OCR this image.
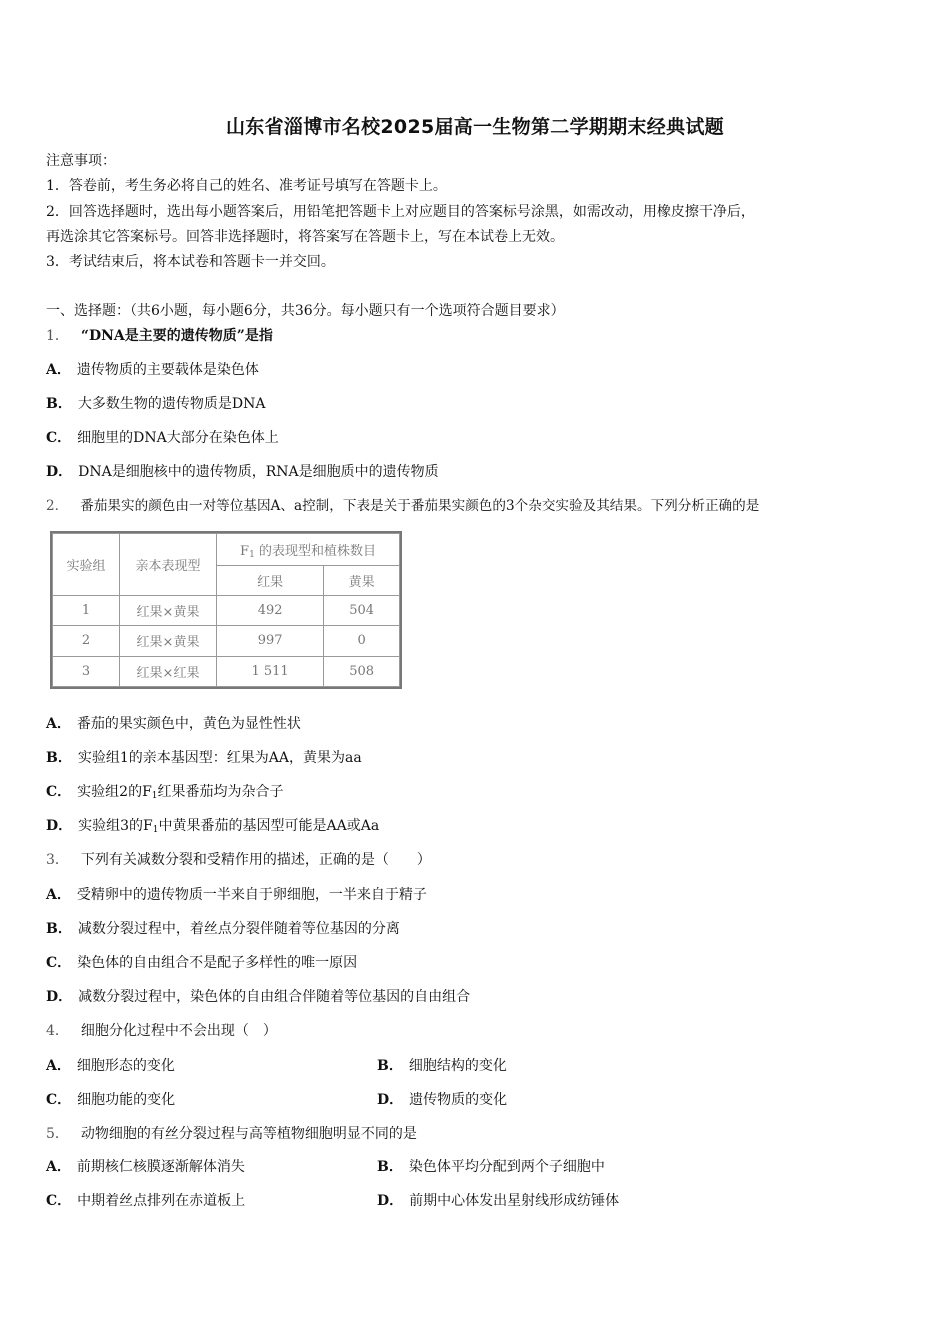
山东省淄博市名校2025届高一生物第二学期期末经典试题
注意事项：
1．答卷前，考生务必将自己的姓名、准考证号填写在答题卡上。
2．回答选择题时，选出每小题答案后，用铅笔把答题卡上对应题目的答案标号涂黑，如需改动，用橡皮擦干净后，
再选涂其它答案标号。回答非选择题时，将答案写在答题卡上，写在本试卷上无效。
3．考试结束后，将本试卷和答题卡一并交回。
一、选择题：（共6小题，每小题6分，共36分。每小题只有一个选项符合题目要求）
1． “DNA是主要的遗传物质”是指
A． 遗传物质的主要载体是染色体
B． 大多数生物的遗传物质是DNA
C． 细胞里的DNA大部分在染色体上
D． DNA是细胞核中的遗传物质，RNA是细胞质中的遗传物质
2． 番茄果实的颜色由一对等位基因A、a控制，下表是关于番茄果实颜色的3个杂交实验及其结果。下列分析正确的是
实验组	亲本表现型	$F_1$ 的表现型和植株数目	
		红果	黄果
1	红果×黄果	492	504
2	红果×黄果	997	0
3	红果×红果	1 511	508
A． 番茄的果实颜色中，黄色为显性性状
B． 实验组1的亲本基因型：红果为AA，黄果为aa
C． 实验组2的$F_1$红果番茄均为杂合子
D． 实验组3的$F_1$中黄果番茄的基因型可能是AA或Aa
3． 下列有关减数分裂和受精作用的描述，正确的是（　　）
A． 受精卵中的遗传物质一半来自于卵细胞，一半来自于精子
B． 减数分裂过程中，着丝点分裂伴随着等位基因的分离
C． 染色体的自由组合不是配子多样性的唯一原因
D． 减数分裂过程中，染色体的自由组合伴随着等位基因的自由组合
4． 细胞分化过程中不会出现（　）
A． 细胞形态的变化	B． 细胞结构的变化
C． 细胞功能的变化	D． 遗传物质的变化
5． 动物细胞的有丝分裂过程与高等植物细胞明显不同的是
A． 前期核仁核膜逐渐解体消失	B． 染色体平均分配到两个子细胞中
C． 中期着丝点排列在赤道板上	D． 前期中心体发出星射线形成纺锤体
